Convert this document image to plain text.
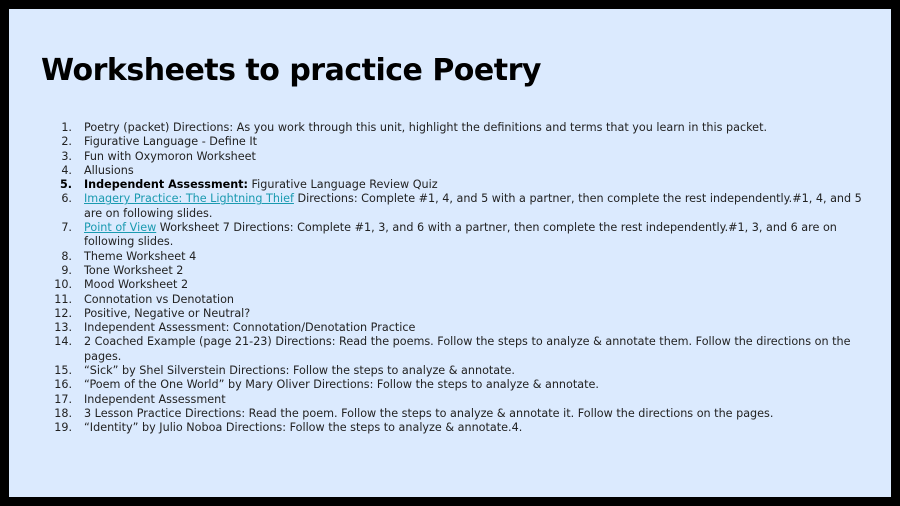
Worksheets to practice Poetry
1.	Poetry (packet) Directions: As you work through this unit, highlight the definitions and terms that you learn in this packet.
2.	Figurative Language - Define It
3.	Fun with Oxymoron Worksheet
4.	Allusions
5.	Independent Assessment: Figurative Language Review Quiz
6.	Imagery Practice: The Lightning Thief Directions: Complete #1, 4, and 5 with a partner, then complete the rest independently.#1, 4, and 5 are on following slides.
7.	Point of View Worksheet 7 Directions: Complete #1, 3, and 6 with a partner, then complete the rest independently.#1, 3, and 6 are on following slides.
8.	Theme Worksheet 4
9.	Tone Worksheet 2
10.	Mood Worksheet 2
11.	Connotation vs Denotation
12.	Positive, Negative or Neutral?
13.	Independent Assessment: Connotation/Denotation Practice
14.	2 Coached Example (page 21-23) Directions: Read the poems. Follow the steps to analyze & annotate them. Follow the directions on the pages.
15.	“Sick” by Shel Silverstein Directions: Follow the steps to analyze & annotate.
16.	“Poem of the One World” by Mary Oliver Directions: Follow the steps to analyze & annotate.
17.	Independent Assessment
18.	3 Lesson Practice Directions: Read the poem. Follow the steps to analyze & annotate it. Follow the directions on the pages.
19.	“Identity” by Julio Noboa Directions: Follow the steps to analyze & annotate.4.
